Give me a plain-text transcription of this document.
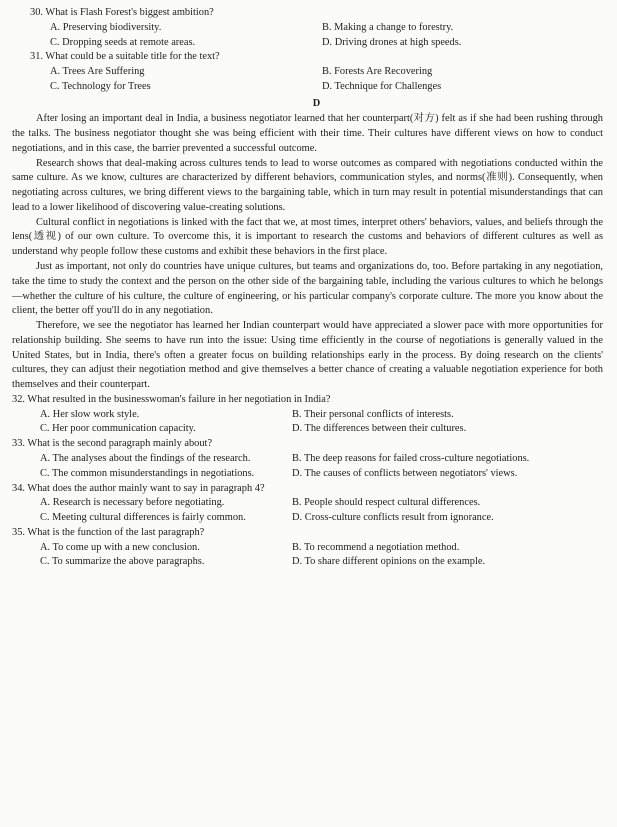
30. What is Flash Forest's biggest ambition?

A. Preserving biodiversity.	B. Making a change to forestry.
C. Dropping seeds at remote areas.	D. Driving drones at high speeds.

31. What could be a suitable title for the text?

A. Trees Are Suffering	B. Forests Are Recovering
C. Technology for Trees	D. Technique for Challenges
D

After losing an important deal in India, a business negotiator learned that her counterpart(对方) felt as if she had been rushing through the talks. The business negotiator thought she was being efficient with their time. Their cultures have different views on how to conduct negotiations, and in this case, the barrier prevented a successful outcome.

Research shows that deal-making across cultures tends to lead to worse outcomes as compared with negotiations conducted within the same culture. As we know, cultures are characterized by different behaviors, communication styles, and norms(准则). Consequently, when negotiating across cultures, we bring different views to the bargaining table, which in turn may result in potential misunderstandings that can lead to a lower likelihood of discovering value-creating solutions.

Cultural conflict in negotiations is linked with the fact that we, at most times, interpret others' behaviors, values, and beliefs through the lens(透视) of our own culture. To overcome this, it is important to research the customs and behaviors of different cultures as well as understand why people follow these customs and exhibit these behaviors in the first place.

Just as important, not only do countries have unique cultures, but teams and organizations do, too. Before partaking in any negotiation, take the time to study the context and the person on the other side of the bargaining table, including the various cultures to which he belongs—whether the culture of his culture, the culture of engineering, or his particular company's corporate culture. The more you know about the client, the better off you'll do in any negotiation.

Therefore, we see the negotiator has learned her Indian counterpart would have appreciated a slower pace with more opportunities for relationship building. She seems to have run into the issue: Using time efficiently in the course of negotiations is generally valued in the United States, but in India, there's often a greater focus on building relationships early in the process. By doing research on the clients' cultures, they can adjust their negotiation method and give themselves a better chance of creating a valuable negotiation experience for both themselves and their counterpart.

32. What resulted in the businesswoman's failure in her negotiation in India?

A. Her slow work style.	B. Their personal conflicts of interests.
C. Her poor communication capacity.	D. The differences between their cultures.

33. What is the second paragraph mainly about?

A. The analyses about the findings of the research.	B. The deep reasons for failed cross-culture negotiations.
C. The common misunderstandings in negotiations.	D. The causes of conflicts between negotiators' views.

34. What does the author mainly want to say in paragraph 4?

A. Research is necessary before negotiating.	B. People should respect cultural differences.
C. Meeting cultural differences is fairly common.	D. Cross-culture conflicts result from ignorance.

35. What is the function of the last paragraph?

A. To come up with a new conclusion.	B. To recommend a negotiation method.
C. To summarize the above paragraphs.	D. To share different opinions on the example.
